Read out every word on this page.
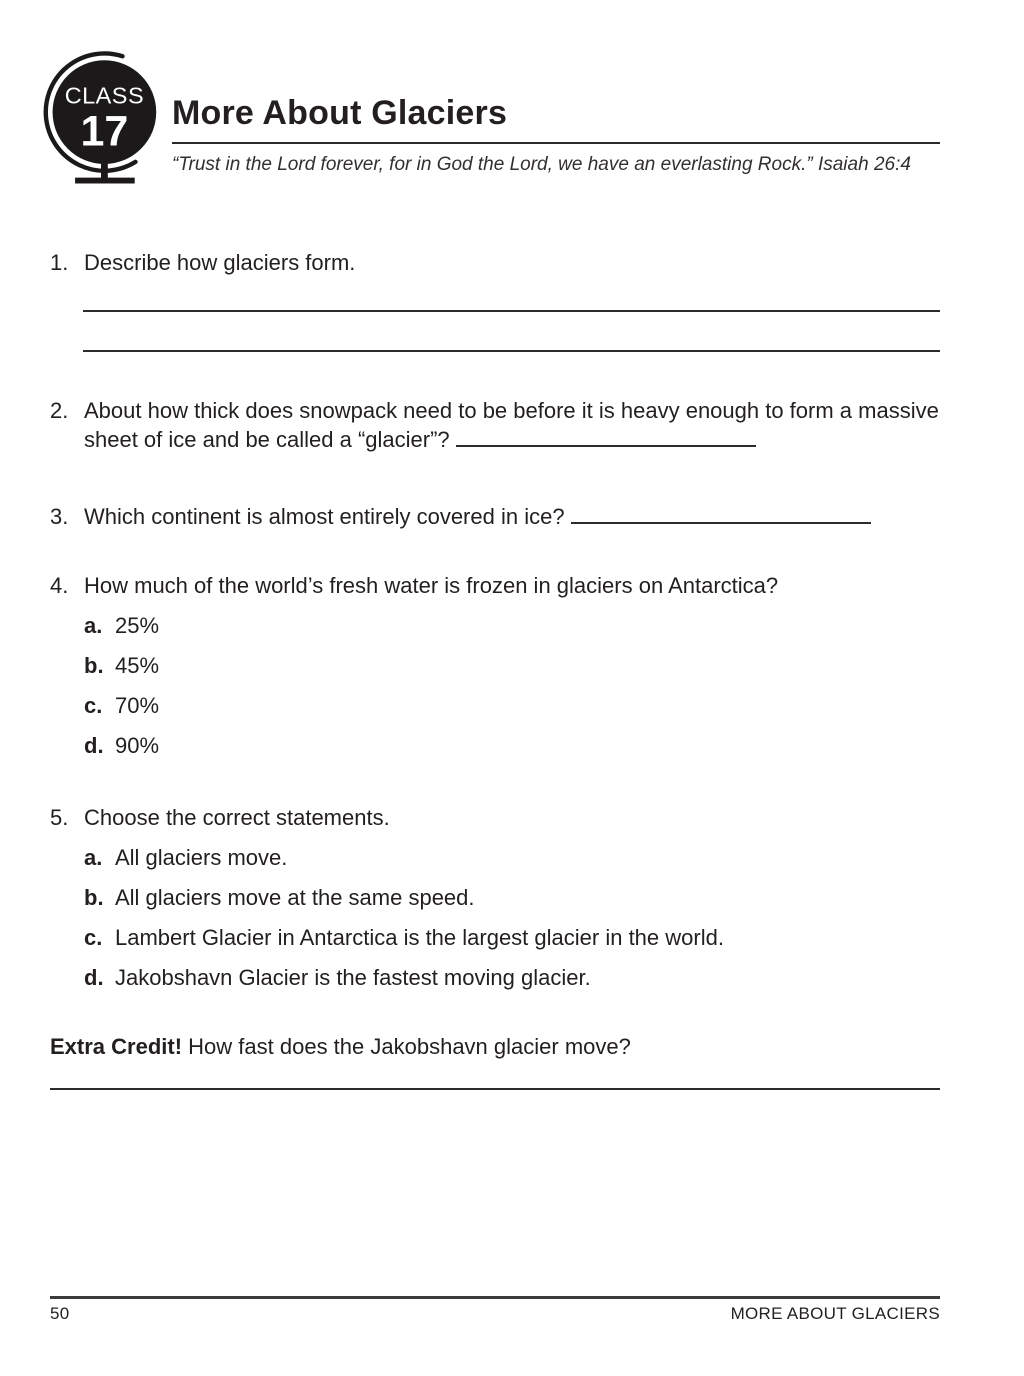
CLASS
17 More About Glaciers
“Trust in the Lord forever, for in God the Lord, we have an everlasting Rock.” Isaiah 26:4
1. Describe how glaciers form.
2. About how thick does snowpack need to be before it is heavy enough to form a massive sheet of ice and be called a “glacier”?
3. Which continent is almost entirely covered in ice?
4. How much of the world’s fresh water is frozen in glaciers on Antarctica?
a. 25%
b. 45%
c. 70%
d. 90%
5. Choose the correct statements.
a. All glaciers move.
b. All glaciers move at the same speed.
c. Lambert Glacier in Antarctica is the largest glacier in the world.
d. Jakobshavn Glacier is the fastest moving glacier.
Extra Credit! How fast does the Jakobshavn glacier move?
50	MORE ABOUT GLACIERS
